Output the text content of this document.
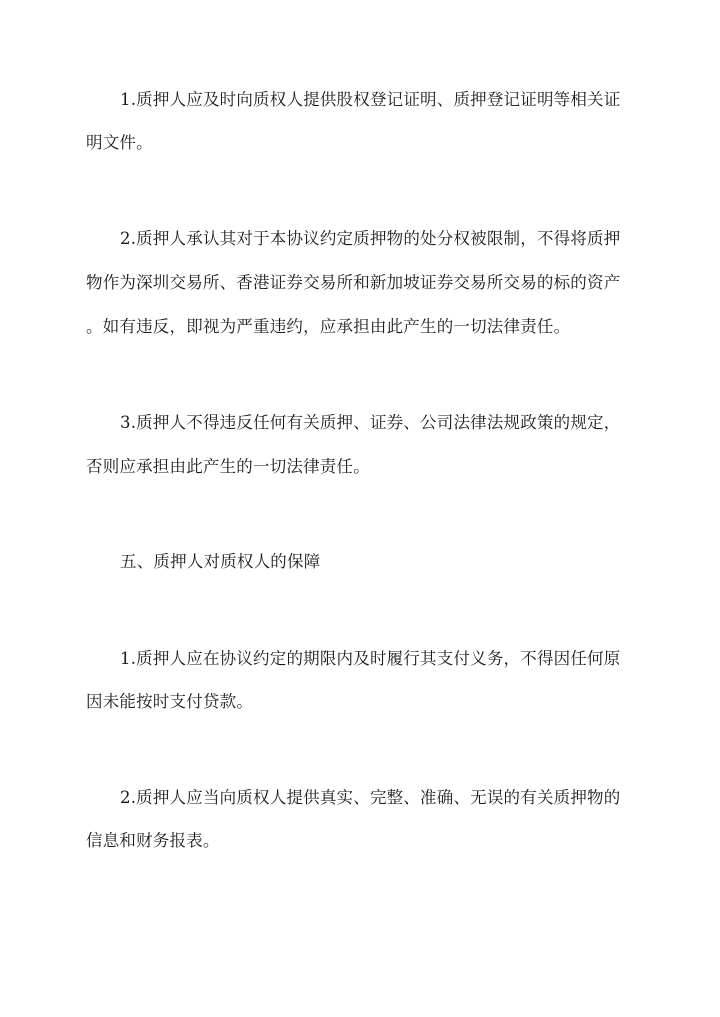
1.质押人应及时向质权人提供股权登记证明、质押登记证明等相关证
明文件。
2.质押人承认其对于本协议约定质押物的处分权被限制，不得将质押
物作为深圳交易所、香港证券交易所和新加坡证券交易所交易的标的资产
。如有违反，即视为严重违约，应承担由此产生的一切法律责任。
3.质押人不得违反任何有关质押、证券、公司法律法规政策的规定，
否则应承担由此产生的一切法律责任。
五、质押人对质权人的保障
1.质押人应在协议约定的期限内及时履行其支付义务，不得因任何原
因未能按时支付贷款。
2.质押人应当向质权人提供真实、完整、准确、无误的有关质押物的
信息和财务报表。
